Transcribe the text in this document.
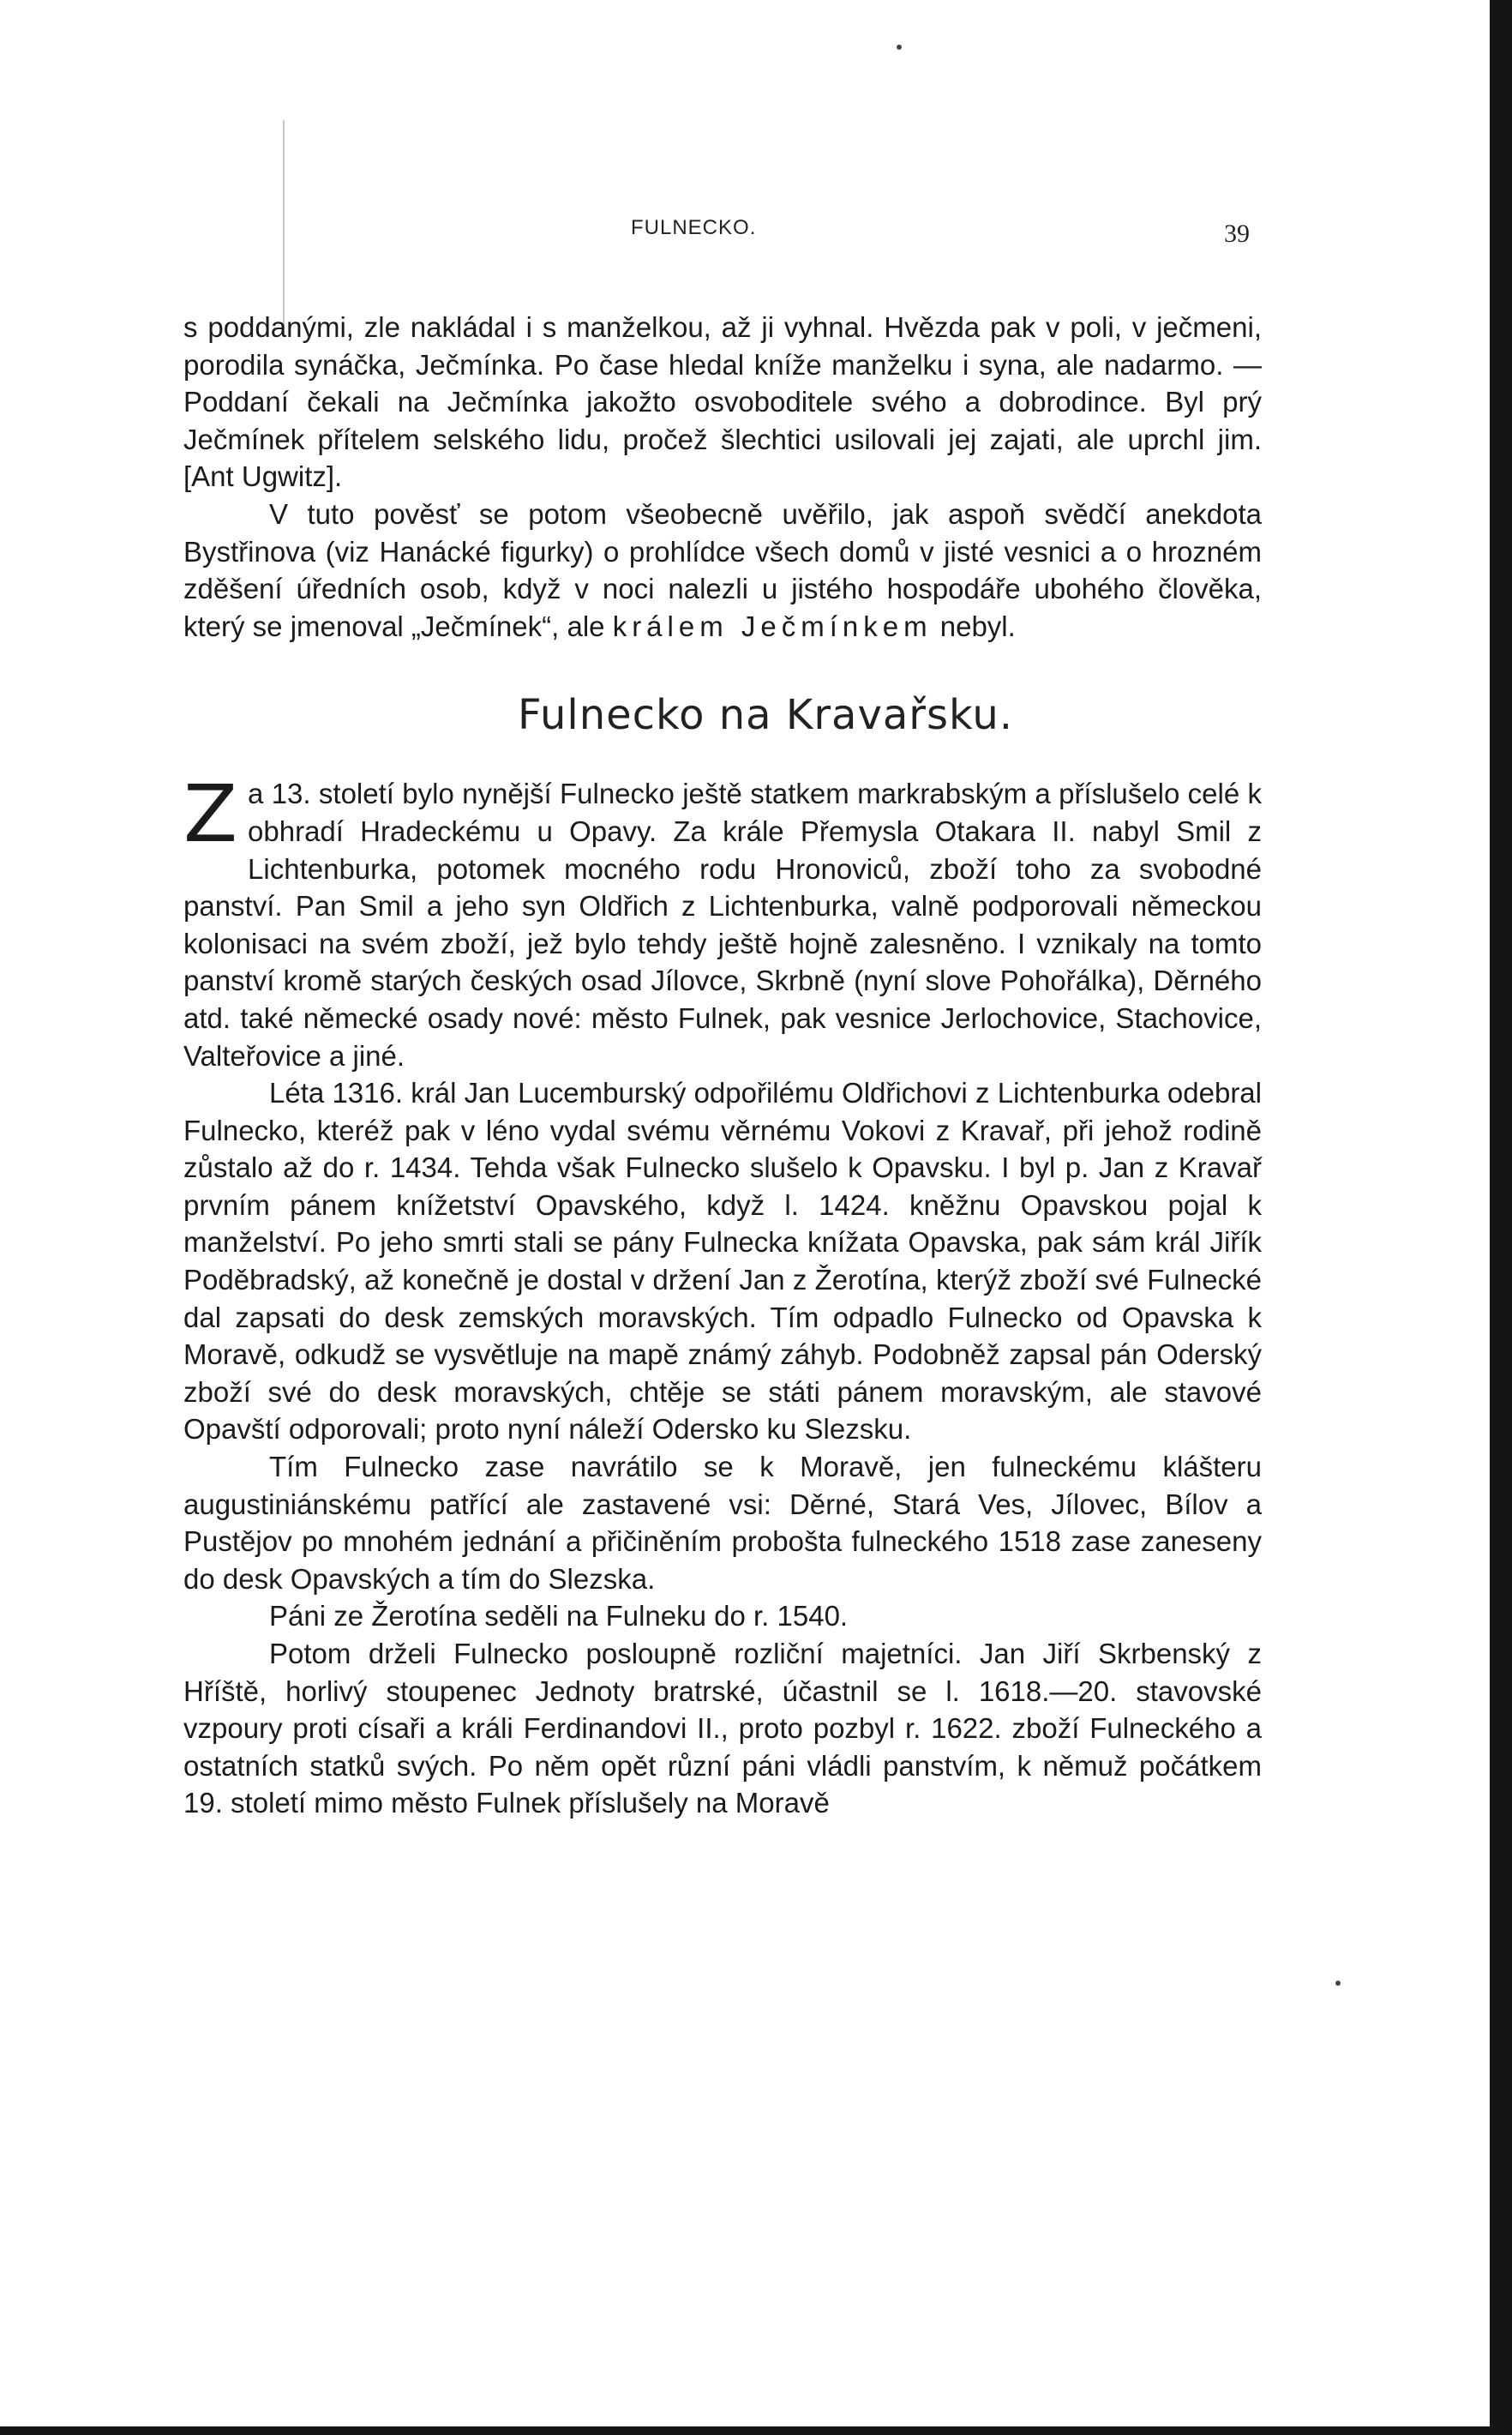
FULNECKO.	39

s poddanými, zle nakládal i s manželkou, až ji vyhnal. Hvězda pak v poli, v ječmeni, porodila synáčka, Ječmínka. Po čase hledal kníže manželku i syna, ale nadarmo. — Poddaní čekali na Ječmínka jakožto osvoboditele svého a dobrodince. Byl prý Ječmínek přítelem selského lidu, pročež šlechtici usilovali jej zajati, ale uprchl jim. [Ant Ugwitz].

V tuto pověsť se potom všeobecně uvěřilo, jak aspoň svědčí anekdota Bystřinova (viz Hanácké figurky) o prohlídce všech domů v jisté vesnici a o hrozném zděšení úředních osob, když v noci nalezli u jistého hospodáře ubohého člověka, který se jmenoval „Ječmínek“, ale králem Ječmínkem nebyl.

Fulnecko na Kravařsku.

Za 13. století bylo nynější Fulnecko ještě statkem markrabským a příslušelo celé k obhradí Hradeckému u Opavy. Za krále Přemysla Otakara II. nabyl Smil z Lichtenburka, potomek mocného rodu Hronoviců, zboží toho za svobodné panství. Pan Smil a jeho syn Oldřich z Lichtenburka, valně podporovali německou kolonisaci na svém zboží, jež bylo tehdy ještě hojně zalesněno. I vznikaly na tomto panství kromě starých českých osad Jílovce, Skrbně (nyní slove Pohořálka), Děrného atd. také německé osady nové: město Fulnek, pak vesnice Jerlochovice, Stachovice, Valteřovice a jiné.

Léta 1316. král Jan Lucemburský odpořilému Oldřichovi z Lichtenburka odebral Fulnecko, kteréž pak v léno vydal svému věrnému Vokovi z Kravař, při jehož rodině zůstalo až do r. 1434. Tehda však Fulnecko slušelo k Opavsku. I byl p. Jan z Kravař prvním pánem knížetství Opavského, když l. 1424. kněžnu Opavskou pojal k manželství. Po jeho smrti stali se pány Fulnecka knížata Opavska, pak sám král Jiřík Poděbradský, až konečně je dostal v držení Jan z Žerotína, kterýž zboží své Fulnecké dal zapsati do desk zemských moravských. Tím odpadlo Fulnecko od Opavska k Moravě, odkudž se vysvětluje na mapě známý záhyb. Podobněž zapsal pán Oderský zboží své do desk moravských, chtěje se státi pánem moravským, ale stavové Opavští odporovali; proto nyní náleží Odersko ku Slezsku.

Tím Fulnecko zase navrátilo se k Moravě, jen fulneckému klášteru augustiniánskému patřící ale zastavené vsi: Děrné, Stará Ves, Jílovec, Bílov a Pustějov po mnohém jednání a přičiněním probošta fulneckého 1518 zase zaneseny do desk Opavských a tím do Slezska.

Páni ze Žerotína seděli na Fulneku do r. 1540.

Potom drželi Fulnecko posloupně rozliční majetníci. Jan Jiří Skrbenský z Hříště, horlivý stoupenec Jednoty bratrské, účastnil se l. 1618.—20. stavovské vzpoury proti císaři a králi Ferdinandovi II., proto pozbyl r. 1622. zboží Fulneckého a ostatních statků svých. Po něm opět různí páni vládli panstvím, k němuž počátkem 19. století mimo město Fulnek příslušely na Moravě
